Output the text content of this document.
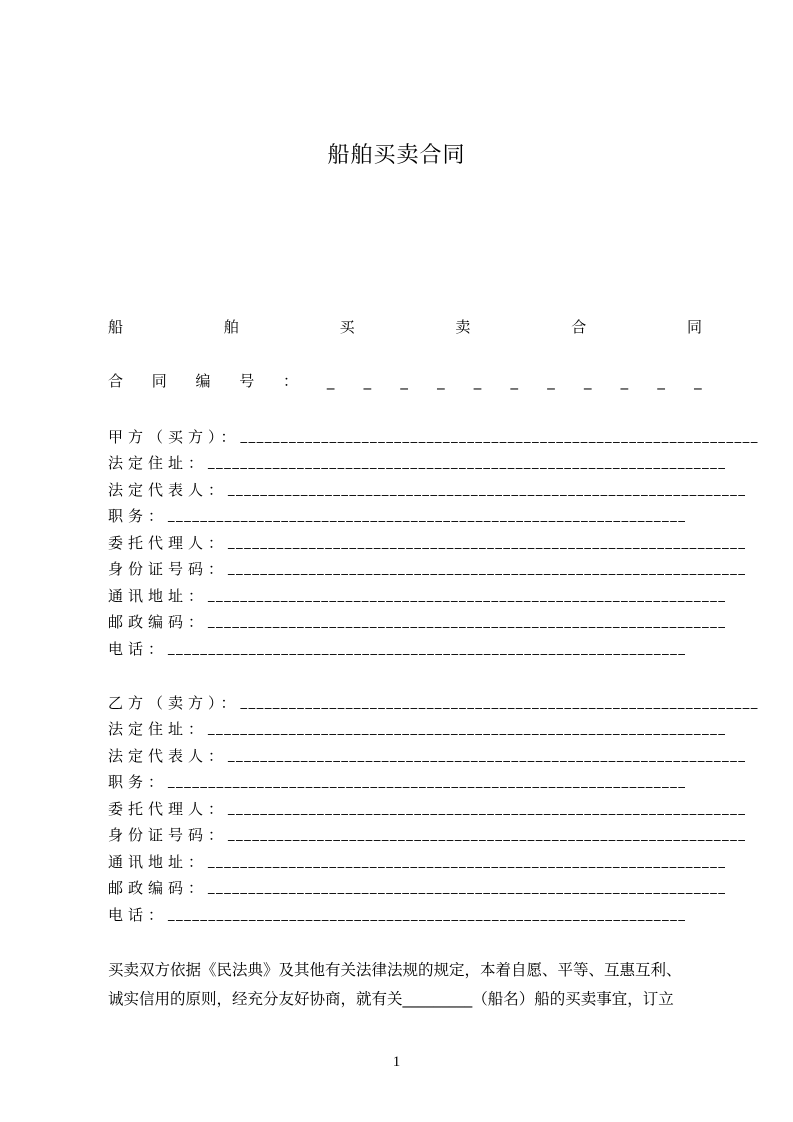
船舶买卖合同
船	舶	买	卖	合	同
合 同 编 号 ： _ _ _ _ _ _ _ _ _ _ _
甲方（买方）： ________________________________________________________________
法定住址： ________________________________________________________________
法定代表人： ________________________________________________________________
职务： ________________________________________________________________
委托代理人： ________________________________________________________________
身份证号码： ________________________________________________________________
通讯地址： ________________________________________________________________
邮政编码： ________________________________________________________________
电话： ________________________________________________________________
乙方（卖方）： ________________________________________________________________
法定住址： ________________________________________________________________
法定代表人： ________________________________________________________________
职务： ________________________________________________________________
委托代理人： ________________________________________________________________
身份证号码： ________________________________________________________________
通讯地址： ________________________________________________________________
邮政编码： ________________________________________________________________
电话： ________________________________________________________________

买卖双方依据《民法典》及其他有关法律法规的规定，本着自愿、平等、互惠互利、

诚实信用的原则，经充分友好协商，就有关_________（船名）船的买卖事宜，订立

1
